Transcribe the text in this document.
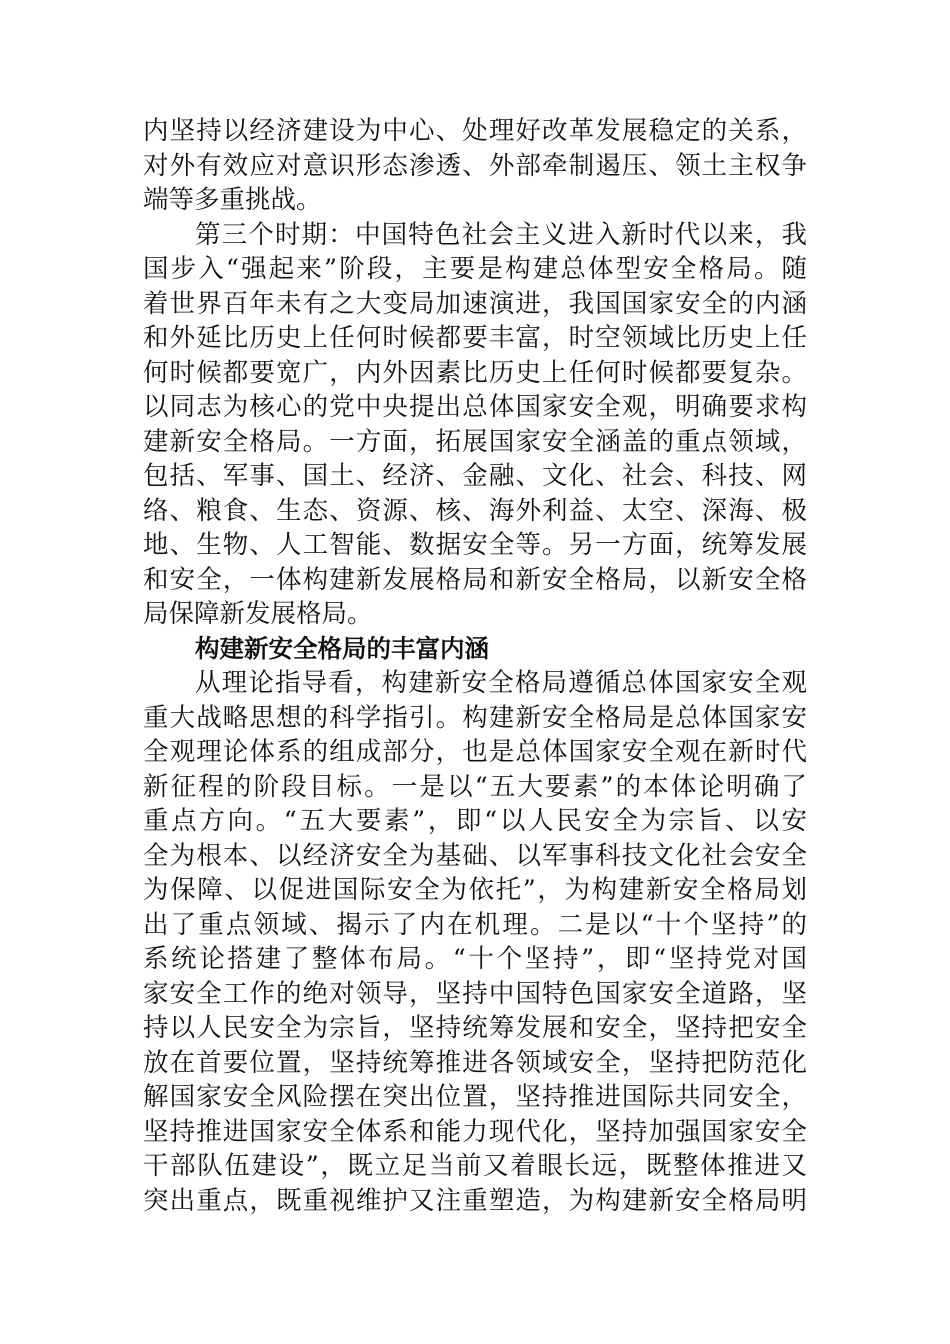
内坚持以经济建设为中心、处理好改革发展稳定的关系，
对外有效应对意识形态渗透、外部牵制遏压、领土主权争
端等多重挑战。
第三个时期：中国特色社会主义进入新时代以来，我
国步入“强起来”阶段，主要是构建总体型安全格局。随
着世界百年未有之大变局加速演进，我国国家安全的内涵
和外延比历史上任何时候都要丰富，时空领域比历史上任
何时候都要宽广，内外因素比历史上任何时候都要复杂。
以同志为核心的党中央提出总体国家安全观，明确要求构
建新安全格局。一方面，拓展国家安全涵盖的重点领域，
包括、军事、国土、经济、金融、文化、社会、科技、网
络、粮食、生态、资源、核、海外利益、太空、深海、极
地、生物、人工智能、数据安全等。另一方面，统筹发展
和安全，一体构建新发展格局和新安全格局，以新安全格
局保障新发展格局。
构建新安全格局的丰富内涵
从理论指导看，构建新安全格局遵循总体国家安全观
重大战略思想的科学指引。构建新安全格局是总体国家安
全观理论体系的组成部分，也是总体国家安全观在新时代
新征程的阶段目标。一是以“五大要素”的本体论明确了
重点方向。“五大要素”，即“以人民安全为宗旨、以安
全为根本、以经济安全为基础、以军事科技文化社会安全
为保障、以促进国际安全为依托”，为构建新安全格局划
出了重点领域、揭示了内在机理。二是以“十个坚持”的
系统论搭建了整体布局。“十个坚持”，即“坚持党对国
家安全工作的绝对领导，坚持中国特色国家安全道路，坚
持以人民安全为宗旨，坚持统筹发展和安全，坚持把安全
放在首要位置，坚持统筹推进各领域安全，坚持把防范化
解国家安全风险摆在突出位置，坚持推进国际共同安全，
坚持推进国家安全体系和能力现代化，坚持加强国家安全
干部队伍建设”，既立足当前又着眼长远，既整体推进又
突出重点，既重视维护又注重塑造，为构建新安全格局明
